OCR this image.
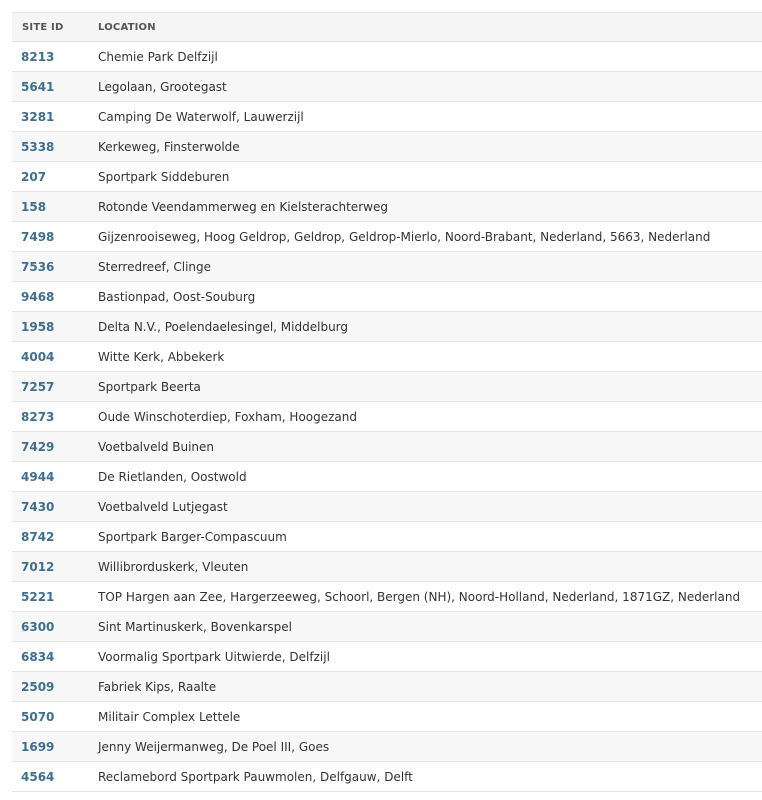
SITE ID	LOCATION
8213	Chemie Park Delfzijl
5641	Legolaan, Grootegast
3281	Camping De Waterwolf, Lauwerzijl
5338	Kerkeweg, Finsterwolde
207	Sportpark Siddeburen
158	Rotonde Veendammerweg en Kielsterachterweg
7498	Gijzenrooiseweg, Hoog Geldrop, Geldrop, Geldrop-Mierlo, Noord-Brabant, Nederland, 5663, Nederland
7536	Sterredreef, Clinge
9468	Bastionpad, Oost-Souburg
1958	Delta N.V., Poelendaelesingel, Middelburg
4004	Witte Kerk, Abbekerk
7257	Sportpark Beerta
8273	Oude Winschoterdiep, Foxham, Hoogezand
7429	Voetbalveld Buinen
4944	De Rietlanden, Oostwold
7430	Voetbalveld Lutjegast
8742	Sportpark Barger-Compascuum
7012	Willibrorduskerk, Vleuten
5221	TOP Hargen aan Zee, Hargerzeeweg, Schoorl, Bergen (NH), Noord-Holland, Nederland, 1871GZ, Nederland
6300	Sint Martinuskerk, Bovenkarspel
6834	Voormalig Sportpark Uitwierde, Delfzijl
2509	Fabriek Kips, Raalte
5070	Militair Complex Lettele
1699	Jenny Weijermanweg, De Poel III, Goes
4564	Reclamebord Sportpark Pauwmolen, Delfgauw, Delft
